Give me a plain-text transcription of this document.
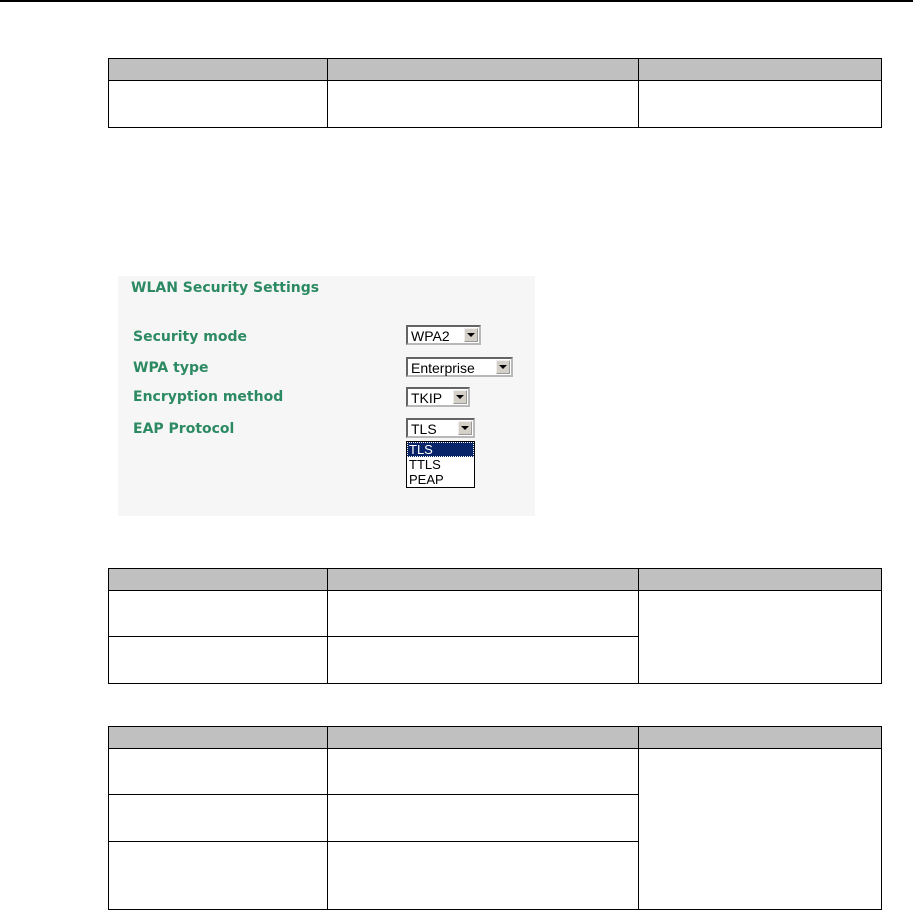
WLAN Security Settings
Security mode	WPA2
WPA type	Enterprise
Encryption method	TKIP
EAP Protocol	TLS
TLS
TTLS
PEAP
